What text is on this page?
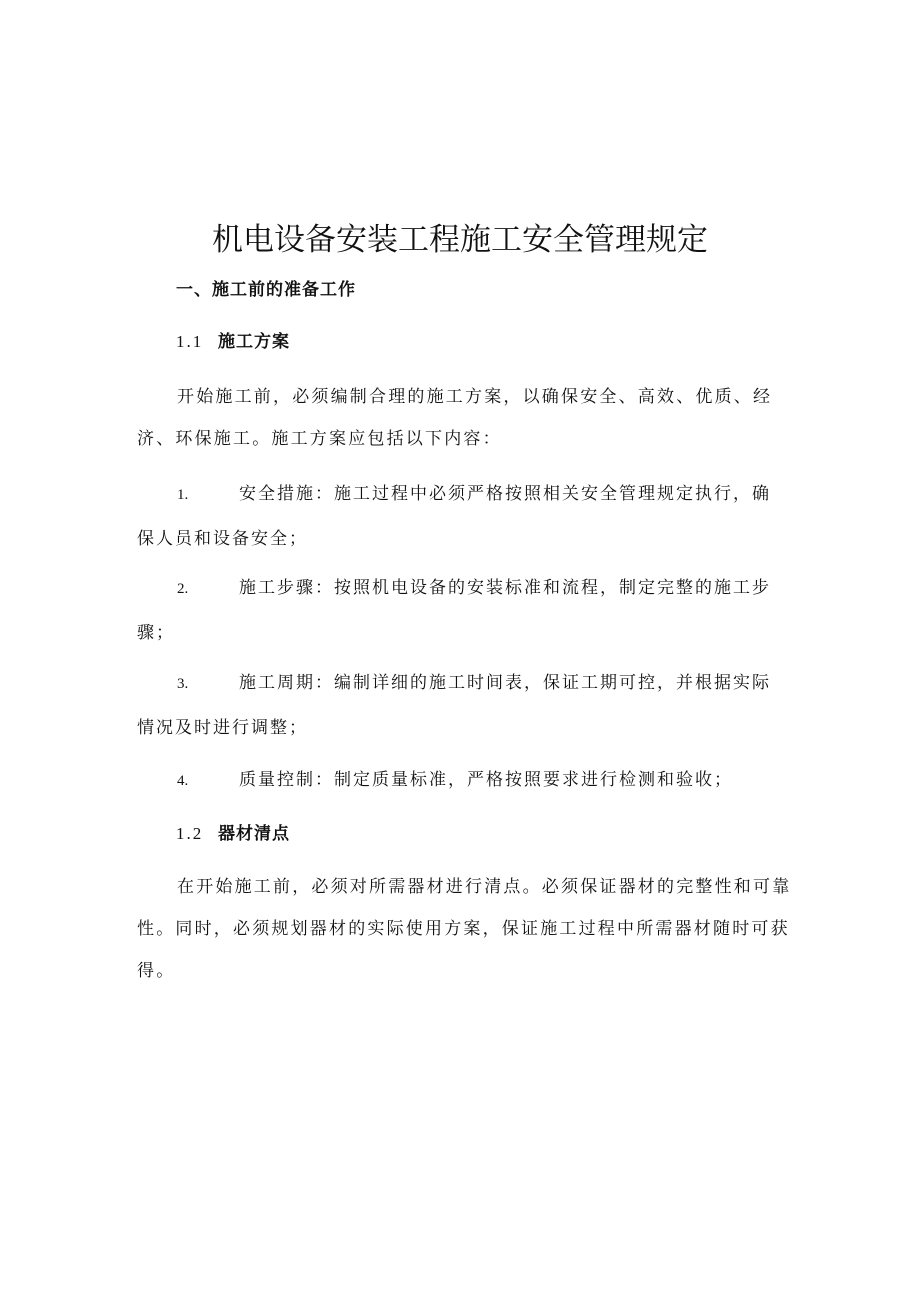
机电设备安装工程施工安全管理规定
一、施工前的准备工作
1.1 施工方案

开始施工前，必须编制合理的施工方案，以确保安全、高效、优质、经济、环保施工。施工方案应包括以下内容：

1.	安全措施：施工过程中必须严格按照相关安全管理规定执行，确保人员和设备安全；

2.	施工步骤：按照机电设备的安装标准和流程，制定完整的施工步骤；

3.	施工周期：编制详细的施工时间表，保证工期可控，并根据实际情况及时进行调整；

4.	质量控制：制定质量标准，严格按照要求进行检测和验收；

1.2 器材清点

在开始施工前，必须对所需器材进行清点。必须保证器材的完整性和可靠性。同时，必须规划器材的实际使用方案，保证施工过程中所需器材随时可获得。
